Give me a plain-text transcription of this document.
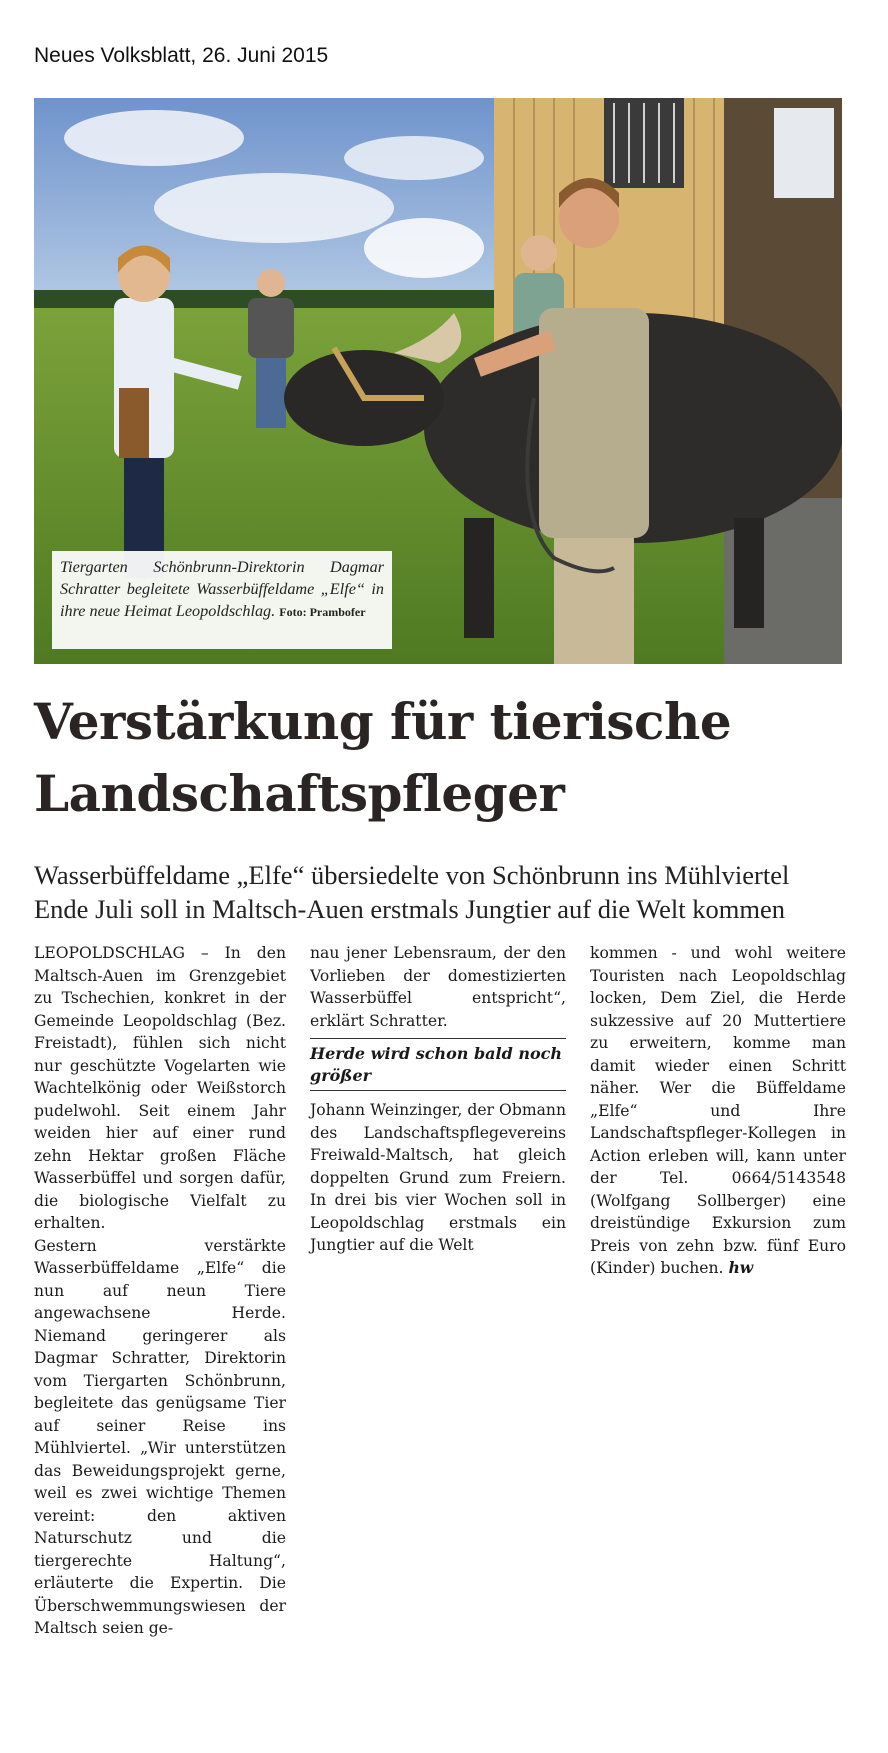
Neues Volksblatt, 26. Juni 2015
Tiergarten Schönbrunn-Direktorin Dagmar Schratter begleitete Wasserbüffeldame „Elfe“ in ihre neue Heimat Leopoldschlag. Foto: Prambofer
Verstärkung für tierische Landschaftspfleger
Wasserbüffeldame „Elfe“ übersiedelte von Schönbrunn ins Mühlviertel
Ende Juli soll in Maltsch-Auen erstmals Jungtier auf die Welt kommen

LEOPOLDSCHLAG – In den Maltsch-Auen im Grenzgebiet zu Tschechien, konkret in der Gemeinde Leopoldschlag (Bez. Freistadt), fühlen sich nicht nur geschützte Vogelarten wie Wachtelkönig oder Weißstorch pudelwohl. Seit einem Jahr weiden hier auf einer rund zehn Hektar großen Fläche Wasserbüffel und sorgen dafür, die biologische Vielfalt zu erhalten.

Gestern verstärkte Wasserbüffeldame „Elfe“ die nun auf neun Tiere angewachsene Herde. Niemand geringerer als Dagmar Schratter, Direktorin vom Tiergarten Schönbrunn, begleitete das genügsame Tier auf seiner Reise ins Mühlviertel. „Wir unterstützen das Beweidungsprojekt gerne, weil es zwei wichtige Themen vereint: den aktiven Naturschutz und die tiergerechte Haltung“, erläuterte die Expertin. Die Überschwemmungswiesen der Maltsch seien ge-

nau jener Lebensraum, der den Vorlieben der domestizierten Wasserbüffel entspricht“, erklärt Schratter.

Herde wird schon bald noch größer

Johann Weinzinger, der Obmann des Landschaftspflegevereins Freiwald-Maltsch, hat gleich doppelten Grund zum Freiern. In drei bis vier Wochen soll in Leopoldschlag erstmals ein Jungtier auf die Welt

kommen - und wohl weitere Touristen nach Leopoldschlag locken, Dem Ziel, die Herde sukzessive auf 20 Muttertiere zu erweitern, komme man damit wieder einen Schritt näher. Wer die Büffeldame „Elfe“ und Ihre Landschaftspfleger-Kollegen in Action erleben will, kann unter der Tel. 0664/5143548 (Wolfgang Sollberger) eine dreistündige Exkursion zum Preis von zehn bzw. fünf Euro (Kinder) buchen. hw
